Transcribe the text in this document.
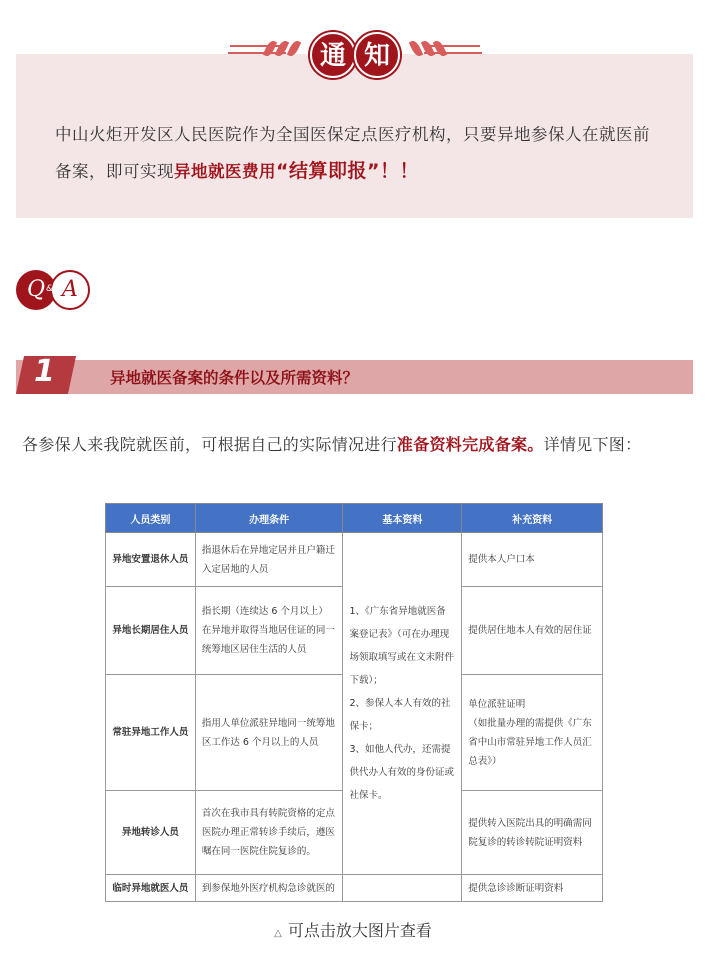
通 知
中山火炬开发区人民医院作为全国医保定点医疗机构，只要异地参保人在就医前备案，即可实现异地就医费用“结算即报”！！
Q A
&
1	异地就医备案的条件以及所需资料？
各参保人来我院就医前，可根据自己的实际情况进行准备资料完成备案。详情见下图：
人员类别	办理条件	基本资料	补充资料
异地安置退休人员	指退休后在异地定居并且户籍迁入定居地的人员	1、《广东省异地就医备案登记表》（可在办理现场领取填写或在文末附件下载）；
2、参保人本人有效的社保卡；
3、如他人代办，还需提供代办人有效的身份证或社保卡。	提供本人户口本
异地长期居住人员	指长期（连续达 6 个月以上）在异地并取得当地居住证的同一统筹地区居住生活的人员		提供居住地本人有效的居住证
常驻异地工作人员	指用人单位派驻异地同一统筹地区工作达 6 个月以上的人员		单位派驻证明
（如批量办理的需提供《广东省中山市常驻异地工作人员汇总表》）
异地转诊人员	首次在我市具有转院资格的定点医院办理正常转诊手续后，遵医嘱在同一医院住院复诊的。		提供转入医院出具的明确需同院复诊的转诊转院证明资料
临时异地就医人员	到参保地外医疗机构急诊就医的		提供急诊诊断证明资料
△ 可点击放大图片查看
